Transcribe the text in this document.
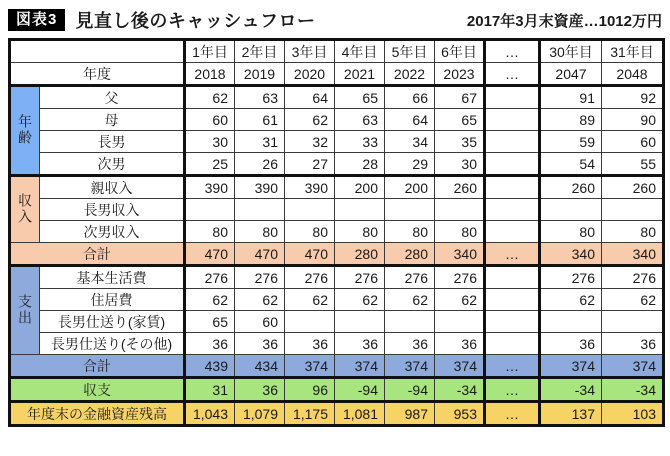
図表3	見直し後のキャッシュフロー	2017年3月末資産…1012万円
		1年目	2年目	3年目	4年目	5年目	6年目	…	30年目	31年目
年度		2018	2019	2020	2021	2022	2023	…	2047	2048
年齢	父	62	63	64	65	66	67		91	92
	母	60	61	62	63	64	65		89	90
	長男	30	31	32	33	34	35		59	60
	次男	25	26	27	28	29	30		54	55
収入	親収入	390	390	390	200	200	260		260	260
	長男収入									
	次男収入	80	80	80	80	80	80		80	80
合計		470	470	470	280	280	340	…	340	340
支出	基本生活費	276	276	276	276	276	276		276	276
	住居費	62	62	62	62	62	62		62	62
	長男仕送り(家賃)	65	60							
	長男仕送り(その他)	36	36	36	36	36	36		36	36
合計		439	434	374	374	374	374	…	374	374
収支		31	36	96	-94	-94	-34	…	-34	-34
年度末の金融資産残高		1,043	1,079	1,175	1,081	987	953	…	137	103
